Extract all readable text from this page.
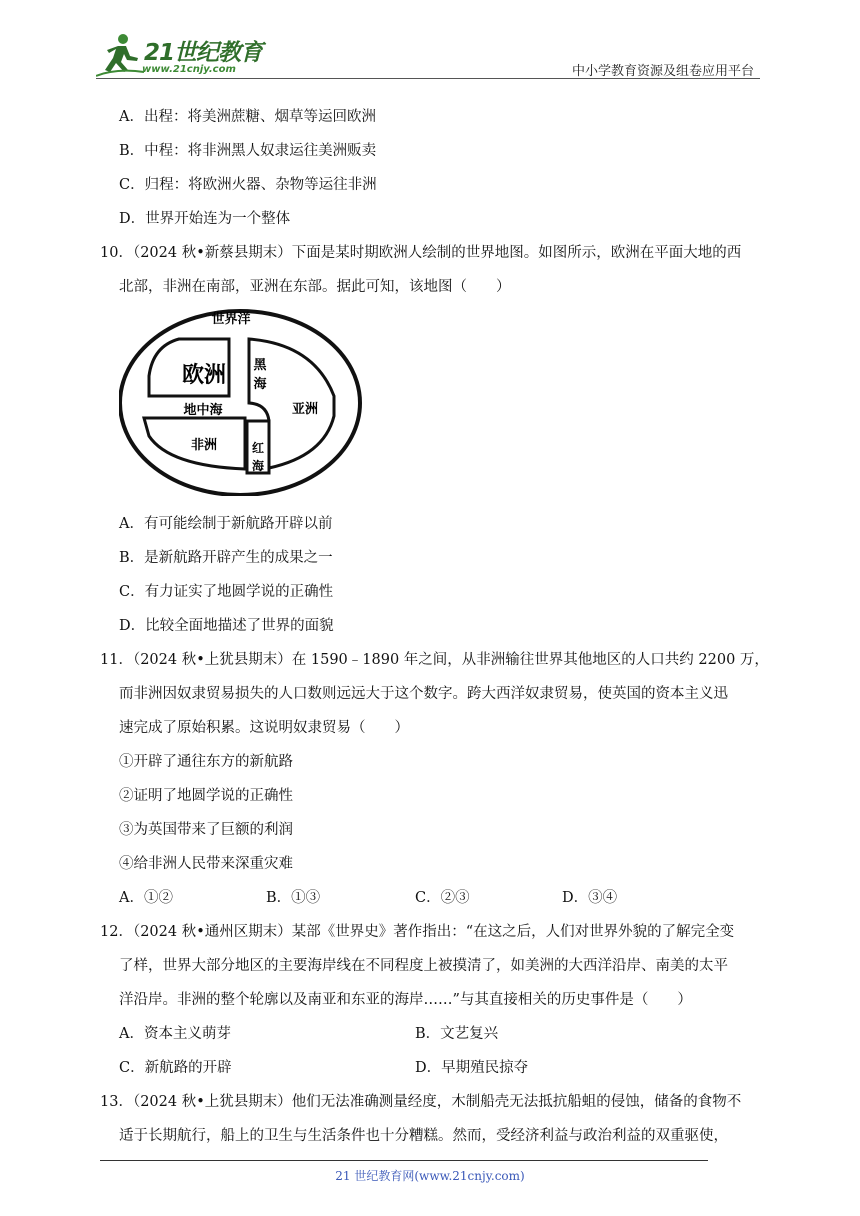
21世纪教育
www.21cnjy.com	中小学教育资源及组卷应用平台
A．出程：将美洲蔗糖、烟草等运回欧洲
B．中程：将非洲黑人奴隶运往美洲贩卖
C．归程：将欧洲火器、杂物等运往非洲
D．世界开始连为一个整体
10．（2024 秋•新蔡县期末）下面是某时期欧洲人绘制的世界地图。如图所示，欧洲在平面大地的西
北部，非洲在南部，亚洲在东部。据此可知，该地图（　　）
世界洋
欧洲 黑
海
地中海	亚洲
非洲	红
海
A．有可能绘制于新航路开辟以前
B．是新航路开辟产生的成果之一
C．有力证实了地圆学说的正确性
D．比较全面地描述了世界的面貌
11．（2024 秋•上犹县期末）在 1590﹣1890 年之间，从非洲输往世界其他地区的人口共约 2200 万，
而非洲因奴隶贸易损失的人口数则远远大于这个数字。跨大西洋奴隶贸易，使英国的资本主义迅
速完成了原始积累。这说明奴隶贸易（　　）
①开辟了通往东方的新航路
②证明了地圆学说的正确性
③为英国带来了巨额的利润
④给非洲人民带来深重灾难
A．①②	B．①③	C．②③	D．③④
12．（2024 秋•通州区期末）某部《世界史》著作指出：“在这之后，人们对世界外貌的了解完全变
了样，世界大部分地区的主要海岸线在不同程度上被摸清了，如美洲的大西洋沿岸、南美的太平
洋沿岸。非洲的整个轮廓以及南亚和东亚的海岸……”与其直接相关的历史事件是（　　）
A．资本主义萌芽	B．文艺复兴
C．新航路的开辟	D．早期殖民掠夺
13．（2024 秋•上犹县期末）他们无法准确测量经度，木制船壳无法抵抗船蛆的侵蚀，储备的食物不
适于长期航行，船上的卫生与生活条件也十分糟糕。然而，受经济利益与政治利益的双重驱使，
21 世纪教育网(www.21cnjy.com)
